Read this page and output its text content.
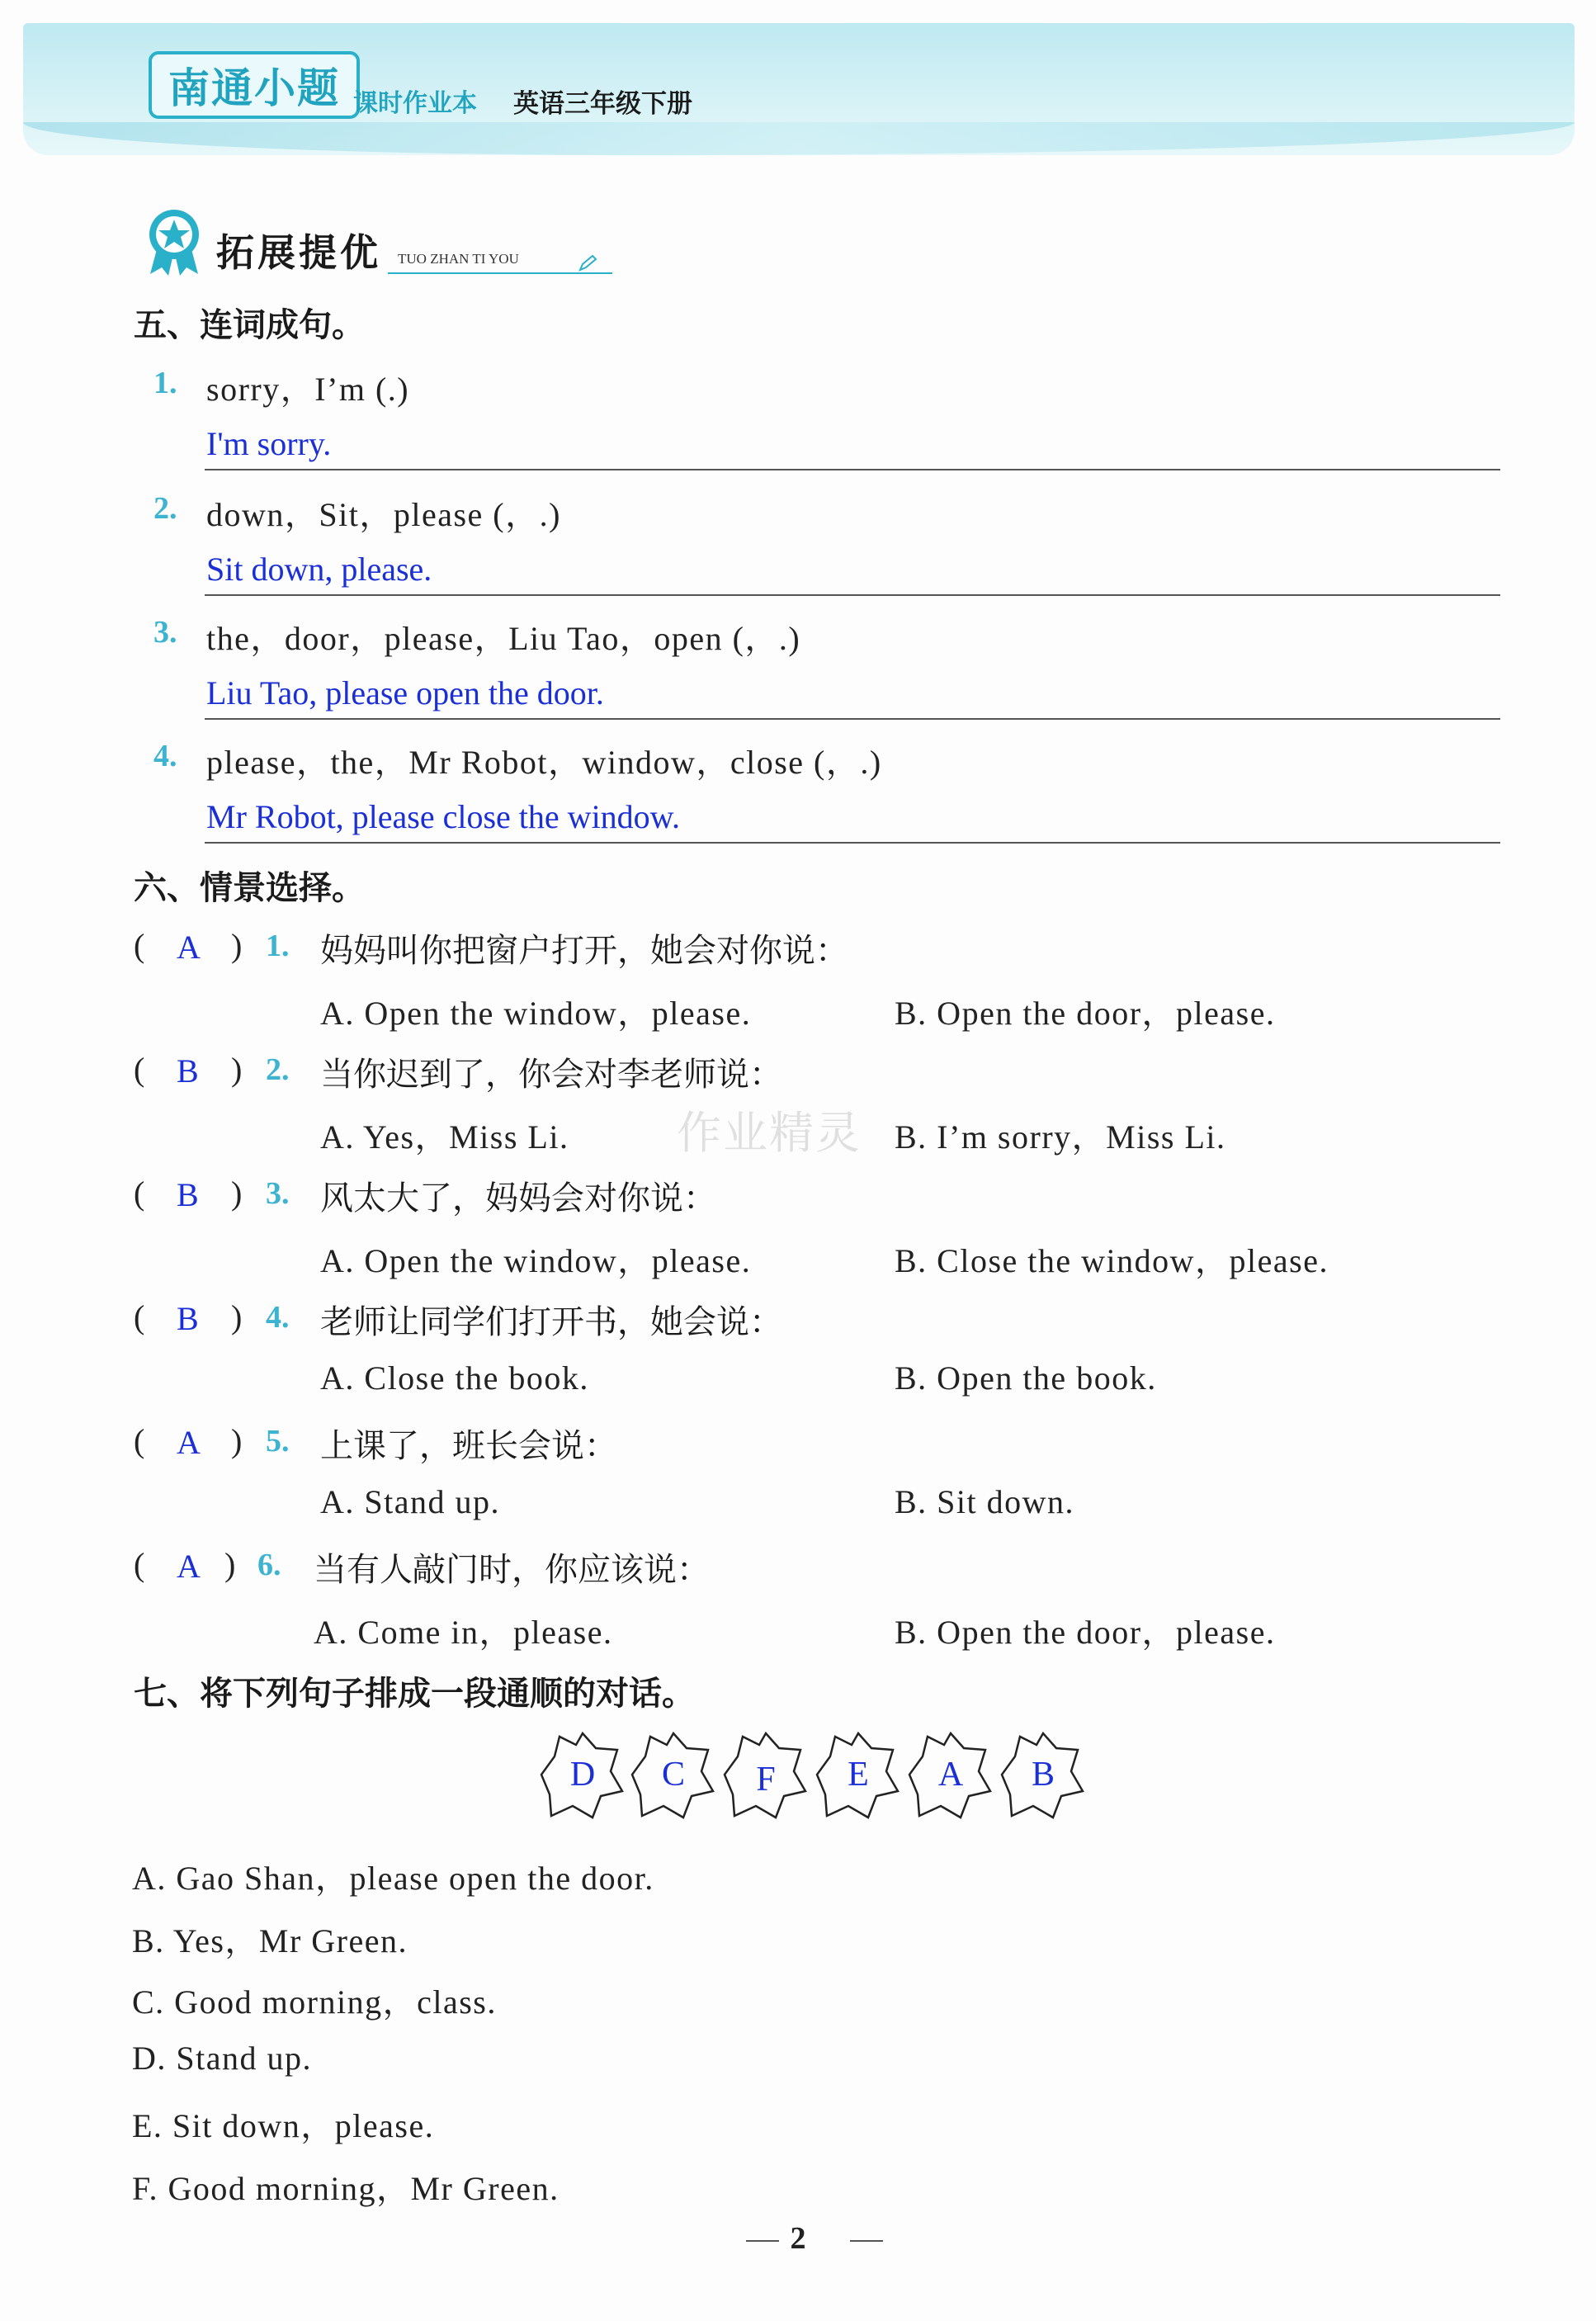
南通小题 课时作业本 英语三年级下册
拓展提优 TUO ZHAN TI YOU
作业精灵
五、连词成句。
1. sorry，I’m (.)
I'm sorry.
2. down，Sit，please (，.)
Sit down, please.
3. the，door，please，Liu Tao，open (，.)
Liu Tao, please open the door.
4. please，the，Mr Robot，window，close (，.)
Mr Robot, please close the window.
六、情景选择。
( A ) 1. 妈妈叫你把窗户打开，她会对你说：
A. Open the window，please.	B. Open the door，please.
( B ) 2. 当你迟到了，你会对李老师说：
A. Yes，Miss Li.	B. I’m sorry，Miss Li.
( B ) 3. 风太大了，妈妈会对你说：
A. Open the window，please.	B. Close the window，please.
( B ) 4. 老师让同学们打开书，她会说：
A. Close the book.	B. Open the book.
( A ) 5. 上课了，班长会说：
A. Stand up.	B. Sit down.
( A ) 6. 当有人敲门时，你应该说：
A. Come in，please.	B. Open the door，please.
七、将下列句子排成一段通顺的对话。
D	C	F	E	A	B
A. Gao Shan，please open the door.
B. Yes，Mr Green.
C. Good morning，class.
D. Stand up.
E. Sit down，please.
F. Good morning，Mr Green.
2
